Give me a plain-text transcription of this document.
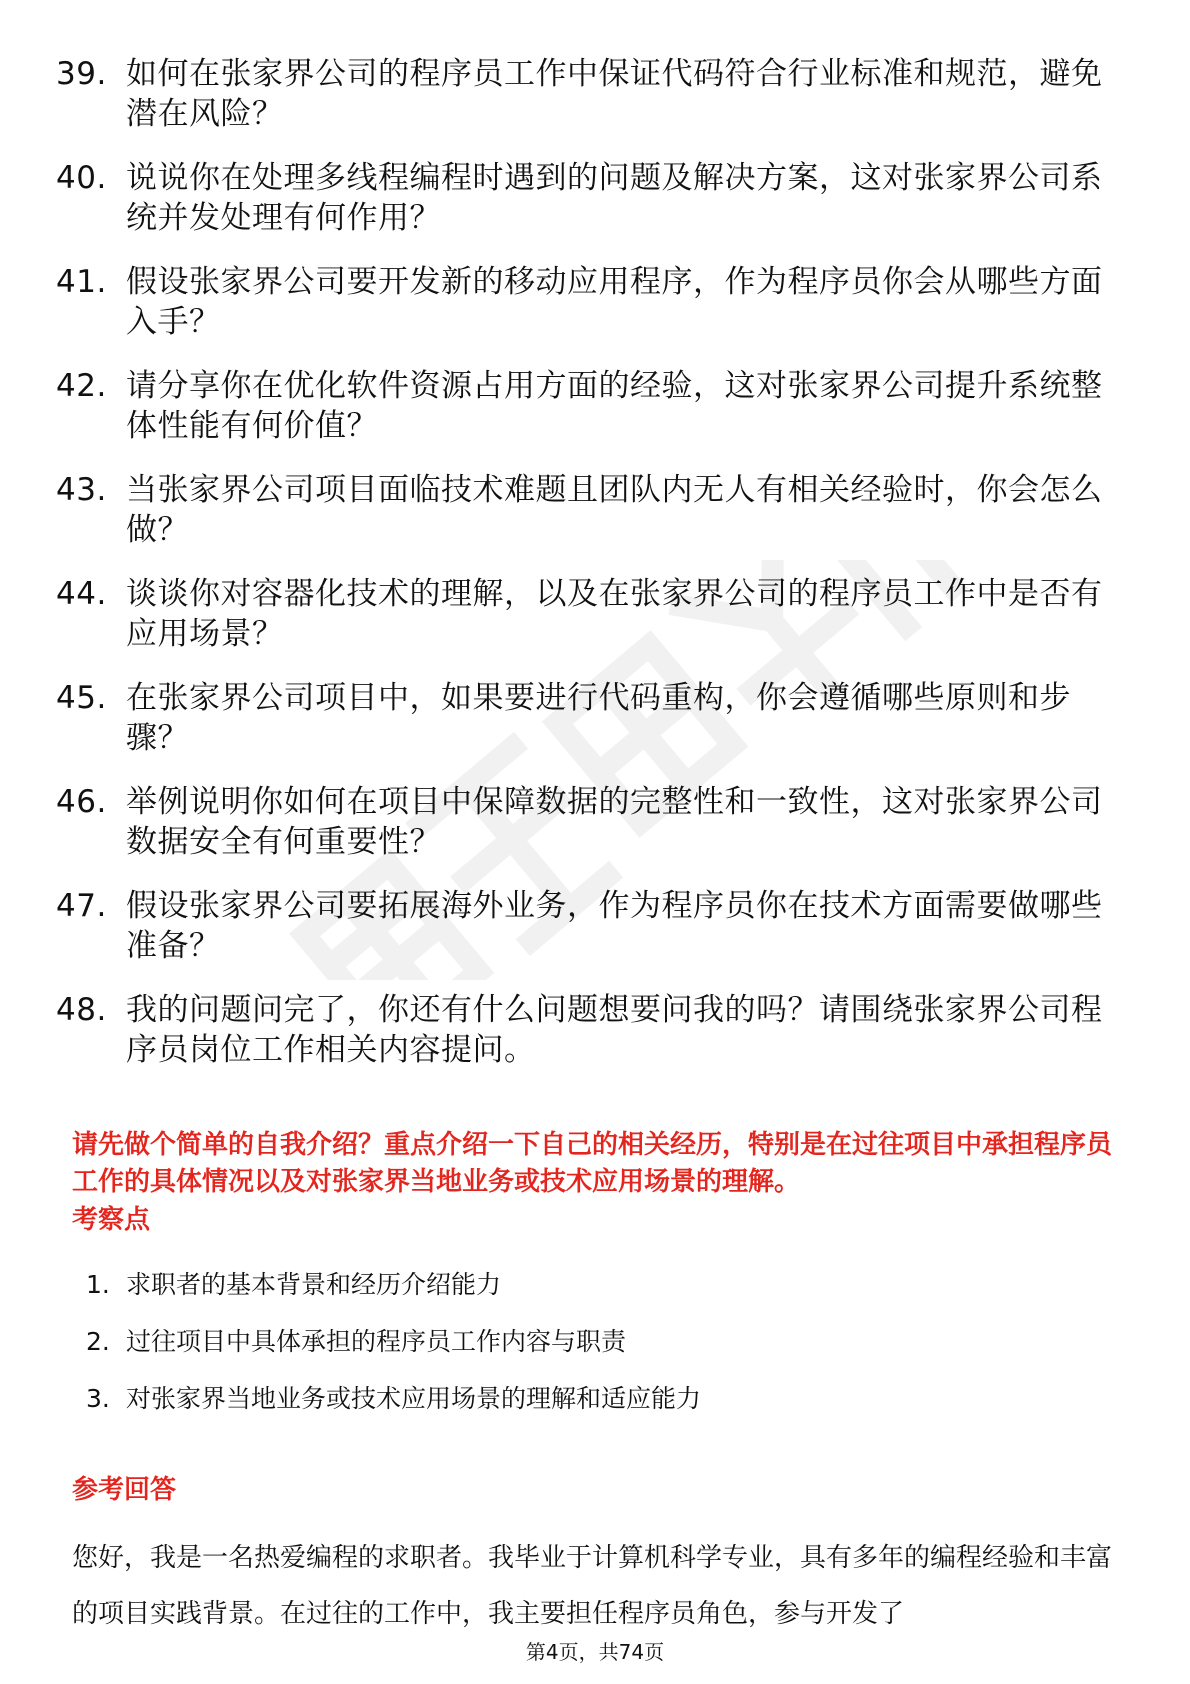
39. 如何在张家界公司的程序员工作中保证代码符合行业标准和规范，避免潜在风险？
40. 说说你在处理多线程编程时遇到的问题及解决方案，这对张家界公司系统并发处理有何作用？
41. 假设张家界公司要开发新的移动应用程序，作为程序员你会从哪些方面入手？
42. 请分享你在优化软件资源占用方面的经验，这对张家界公司提升系统整体性能有何价值？
43. 当张家界公司项目面临技术难题且团队内无人有相关经验时，你会怎么做？
44. 谈谈你对容器化技术的理解，以及在张家界公司的程序员工作中是否有应用场景？
45. 在张家界公司项目中，如果要进行代码重构，你会遵循哪些原则和步骤？
46. 举例说明你如何在项目中保障数据的完整性和一致性，这对张家界公司数据安全有何重要性？
47. 假设张家界公司要拓展海外业务，作为程序员你在技术方面需要做哪些准备？
48. 我的问题问完了，你还有什么问题想要问我的吗？请围绕张家界公司程序员岗位工作相关内容提问。

请先做个简单的自我介绍？重点介绍一下自己的相关经历，特别是在过往项目中承担程序员工作的具体情况以及对张家界当地业务或技术应用场景的理解。

考察点
1. 求职者的基本背景和经历介绍能力
2. 过往项目中具体承担的程序员工作内容与职责
3. 对张家界当地业务或技术应用场景的理解和适应能力
参考回答

您好，我是一名热爱编程的求职者。我毕业于计算机科学专业，具有多年的编程经验和丰富的项目实践背景。在过往的工作中，我主要担任程序员角色，参与开发了

第4页，共74页
